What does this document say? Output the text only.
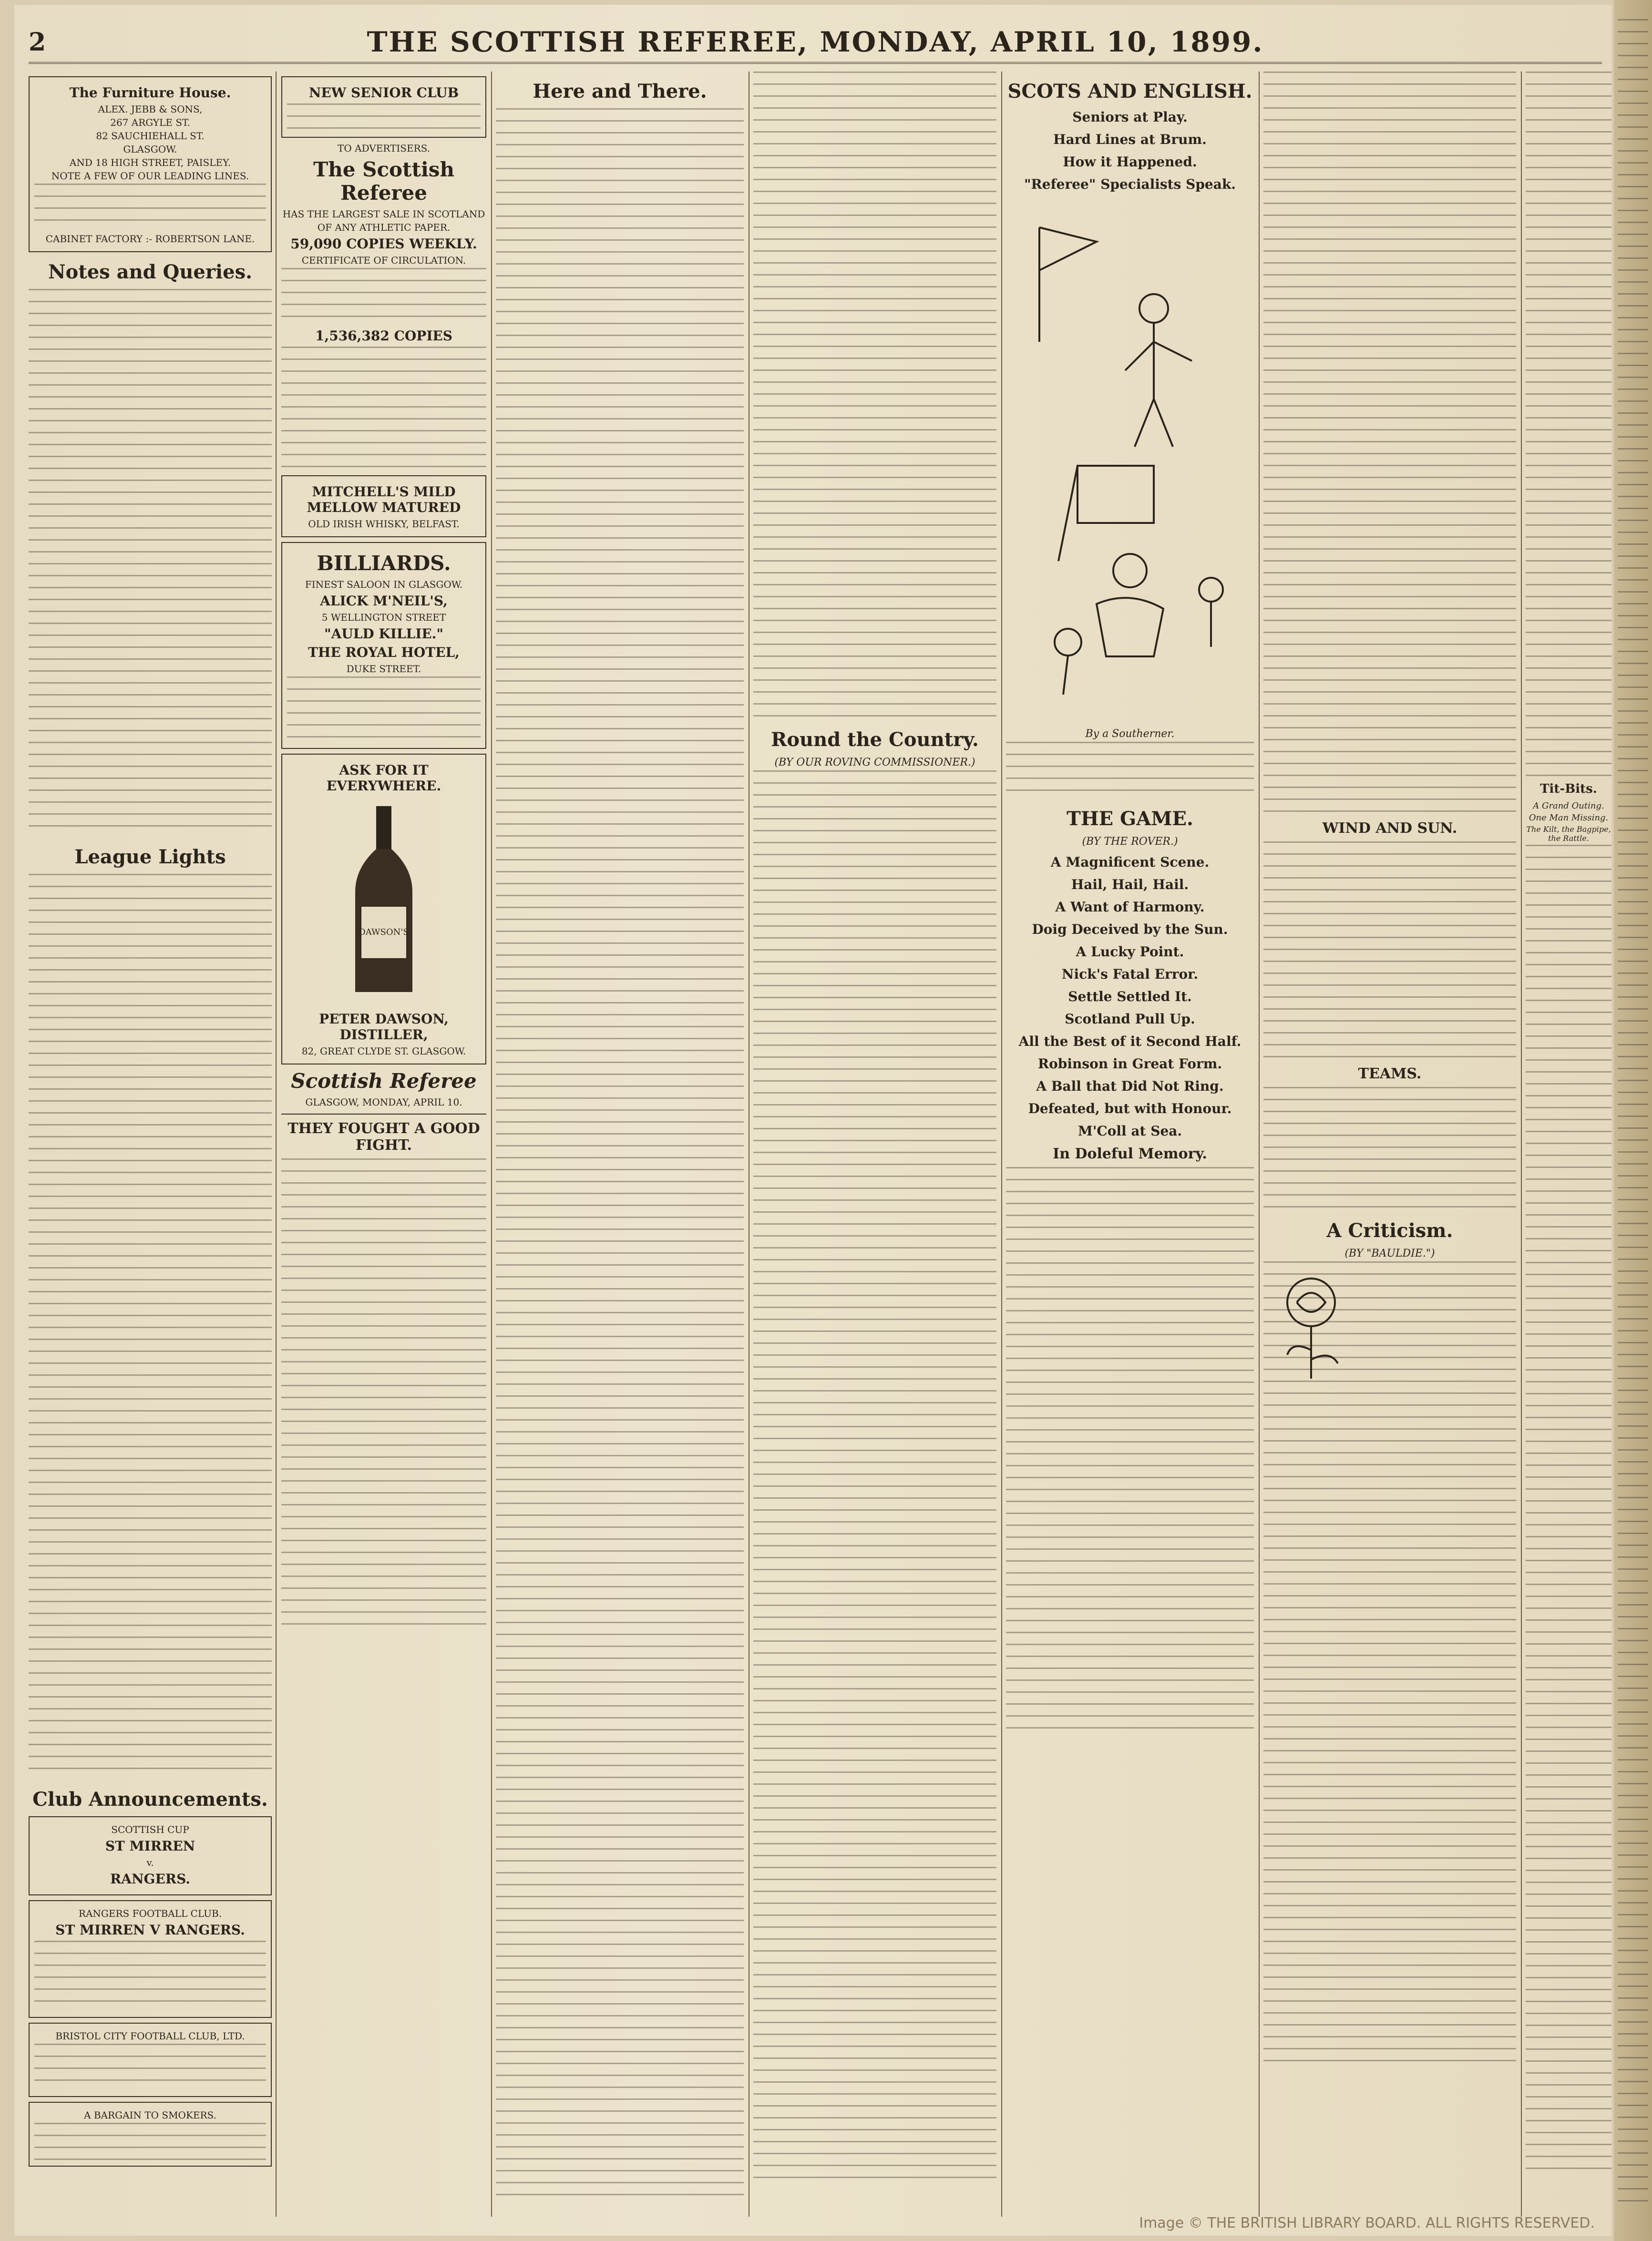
2	THE SCOTTISH REFEREE, MONDAY, APRIL 10, 1899.
The Furniture House.
ALEX. JEBB & SONS,
267 ARGYLE ST.
82 SAUCHIEHALL ST.
GLASGOW.
AND 18 HIGH STREET, PAISLEY.
NOTE A FEW OF OUR LEADING LINES.
CABINET FACTORY :- ROBERTSON LANE.
Notes and Queries.
League Lights
Club Announcements.
SCOTTISH CUP
ST MIRREN
v.
RANGERS.
RANGERS FOOTBALL CLUB.
ST MIRREN V RANGERS.
BRISTOL CITY FOOTBALL CLUB, LTD.
A BARGAIN TO SMOKERS.
NEW SENIOR CLUB
TO ADVERTISERS.
The Scottish Referee
HAS THE LARGEST SALE IN SCOTLAND
OF ANY ATHLETIC PAPER.
59,090 COPIES WEEKLY.
CERTIFICATE OF CIRCULATION.
1,536,382 COPIES
MITCHELL'S MILD MELLOW MATURED
OLD IRISH WHISKY, BELFAST.
BILLIARDS.
FINEST SALOON IN GLASGOW.
ALICK M'NEIL'S,
5 WELLINGTON STREET
"AULD KILLIE."
THE ROYAL HOTEL,
DUKE STREET.
ASK FOR IT EVERYWHERE.
DAWSON'S
PETER DAWSON, DISTILLER,
82, GREAT CLYDE ST. GLASGOW.
Scottish Referee
GLASGOW, MONDAY, APRIL 10.
THEY FOUGHT A GOOD FIGHT.
Here and There.
Round the Country.
(BY OUR ROVING COMMISSIONER.)
SCOTS AND ENGLISH.
Seniors at Play.
Hard Lines at Brum.
How it Happened.
"Referee" Specialists Speak.
By a Southerner.
THE GAME.
(BY THE ROVER.)
A Magnificent Scene.
Hail, Hail, Hail.
A Want of Harmony.
Doig Deceived by the Sun.
A Lucky Point.
Nick's Fatal Error.
Settle Settled It.
Scotland Pull Up.
All the Best of it Second Half.
Robinson in Great Form.
A Ball that Did Not Ring.
Defeated, but with Honour.
M'Coll at Sea.
In Doleful Memory.
WIND AND SUN.
TEAMS.
A Criticism.
(BY "BAULDIE.")
Tit-Bits.
A Grand Outing.
One Man Missing.
The Kilt, the Bagpipe, the Rattle.
Image © THE BRITISH LIBRARY BOARD. ALL RIGHTS RESERVED.
